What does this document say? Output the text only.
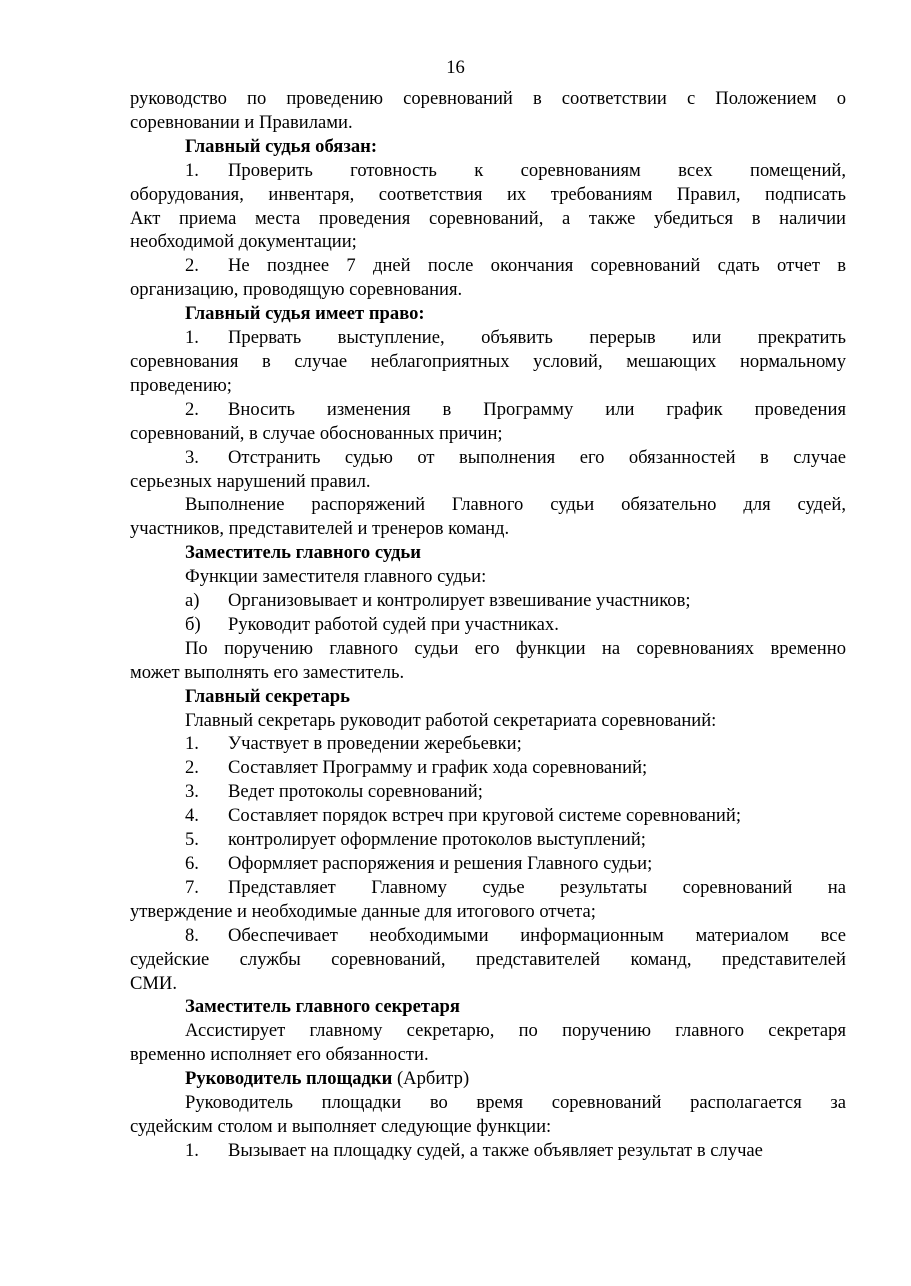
16

руководство по проведению соревнований в соответствии с Положением о

соревновании и Правилами.

Главный судья обязан:

1. Проверить готовность к соревнованиям всех помещений,

оборудования, инвентаря, соответствия их требованиям Правил, подписать

Акт приема места проведения соревнований, а также убедиться в наличии

необходимой документации;

2. Не позднее 7 дней после окончания соревнований сдать отчет в

организацию, проводящую соревнования.

Главный судья имеет право:

1. Прервать выступление, объявить перерыв или прекратить

соревнования в случае неблагоприятных условий, мешающих нормальному

проведению;

2. Вносить изменения в Программу или график проведения

соревнований, в случае обоснованных причин;

3. Отстранить судью от выполнения его обязанностей в случае

серьезных нарушений правил.

Выполнение распоряжений Главного судьи обязательно для судей,

участников, представителей и тренеров команд.

Заместитель главного судьи

Функции заместителя главного судьи:

а)	Организовывает и контролирует взвешивание участников;
б)	Руководит работой судей при участниках.

По поручению главного судьи его функции на соревнованиях временно

может выполнять его заместитель.

Главный секретарь

Главный секретарь руководит работой секретариата соревнований:

1.	Участвует в проведении жеребьевки;
2.	Составляет Программу и график хода соревнований;
3.	Ведет протоколы соревнований;
4.	Составляет порядок встреч при круговой системе соревнований;
5.	контролирует оформление протоколов выступлений;
6.	Оформляет распоряжения и решения Главного судьи;

7. Представляет Главному судье результаты соревнований на

утверждение и необходимые данные для итогового отчета;

8. Обеспечивает необходимыми информационным материалом все

судейские службы соревнований, представителей команд, представителей

СМИ.

Заместитель главного секретаря

Ассистирует главному секретарю, по поручению главного секретаря

временно исполняет его обязанности.

Руководитель площадки (Арбитр)

Руководитель площадки во время соревнований располагается за

судейским столом и выполняет следующие функции:

1.	Вызывает на площадку судей, а также объявляет результат в случае
